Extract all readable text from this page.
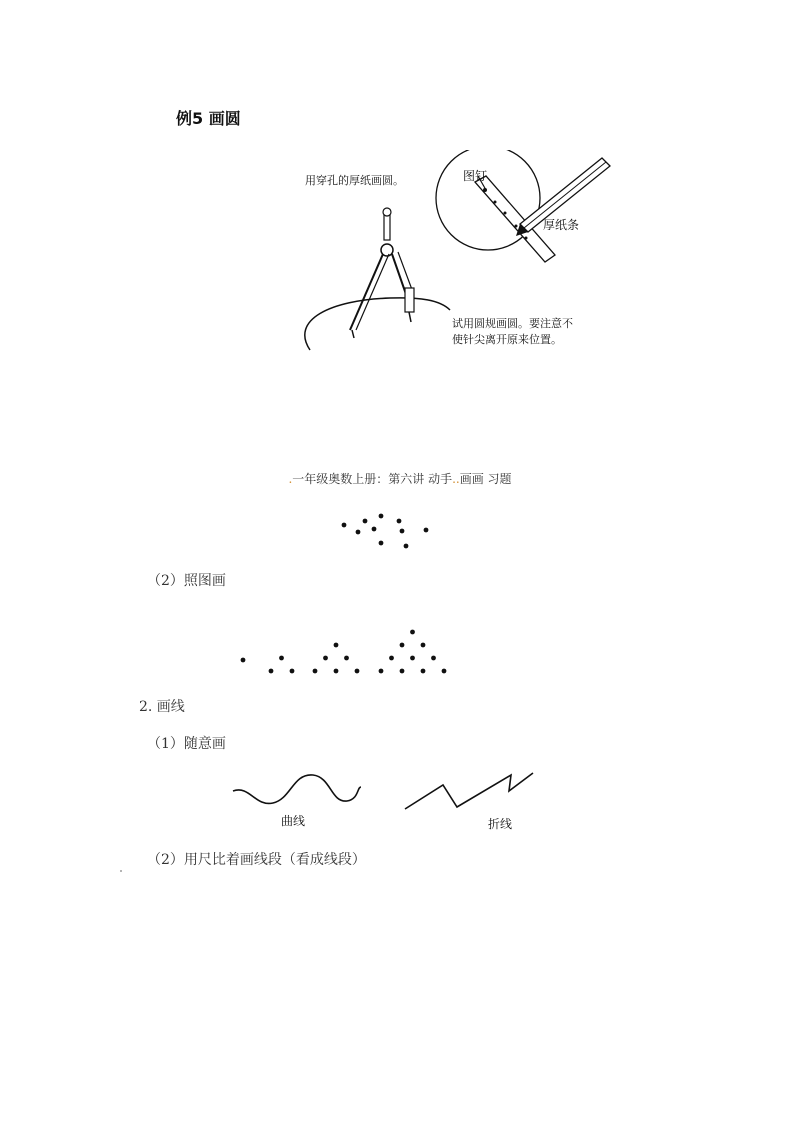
例5 画圆
用穿孔的厚纸画圆。	图钉
厚纸条
试用圆规画圆。要注意不
使针尖离开原来位置。
.一年级奥数上册：第六讲 动手..画画 习题
（2）照图画
2. 画线
（1）随意画
曲线	折线
（2）用尺比着画线段（看成线段）
